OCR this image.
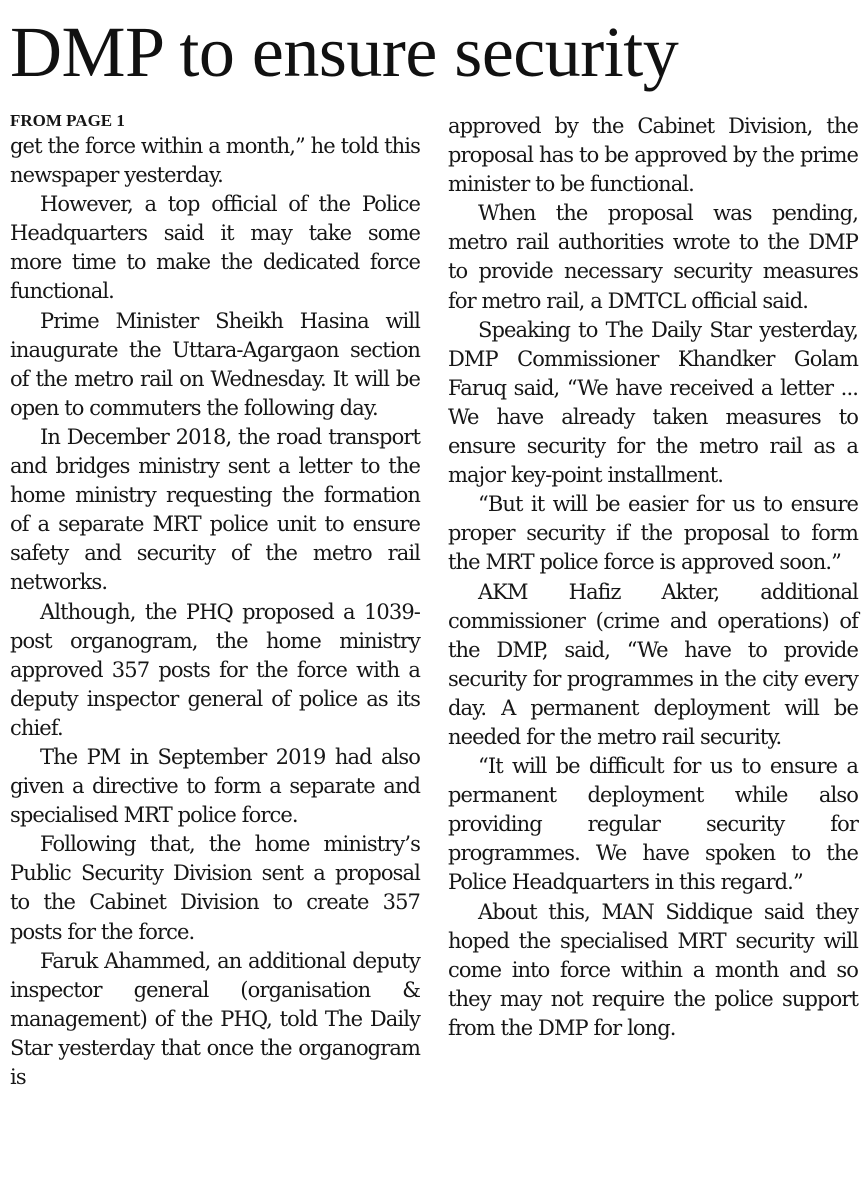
DMP to ensure security
FROM PAGE 1

get the force within a month,” he told this newspaper yesterday.

However, a top official of the Police Headquarters said it may take some more time to make the dedicated force functional.

Prime Minister Sheikh Hasina will inaugurate the Uttara-Agargaon section of the metro rail on Wednesday. It will be open to commuters the following day.

In December 2018, the road transport and bridges ministry sent a letter to the home ministry requesting the formation of a separate MRT police unit to ensure safety and security of the metro rail networks.

Although, the PHQ proposed a 1039-post organogram, the home ministry approved 357 posts for the force with a deputy inspector general of police as its chief.

The PM in September 2019 had also given a directive to form a separate and specialised MRT police force.

Following that, the home ministry’s Public Security Division sent a proposal to the Cabinet Division to create 357 posts for the force.

Faruk Ahammed, an additional deputy inspector general (organisation & management) of the PHQ, told The Daily Star yesterday that once the organogram is

approved by the Cabinet Division, the proposal has to be approved by the prime minister to be functional.

When the proposal was pending, metro rail authorities wrote to the DMP to provide necessary security measures for metro rail, a DMTCL official said.

Speaking to The Daily Star yesterday, DMP Commissioner Khandker Golam Faruq said, “We have received a letter ... We have already taken measures to ensure security for the metro rail as a major key-point installment.

“But it will be easier for us to ensure proper security if the proposal to form the MRT police force is approved soon.”

AKM Hafiz Akter, additional commissioner (crime and operations) of the DMP, said, “We have to provide security for programmes in the city every day. A permanent deployment will be needed for the metro rail security.

“It will be difficult for us to ensure a permanent deployment while also providing regular security for programmes. We have spoken to the Police Headquarters in this regard.”

About this, MAN Siddique said they hoped the specialised MRT security will come into force within a month and so they may not require the police support from the DMP for long.
